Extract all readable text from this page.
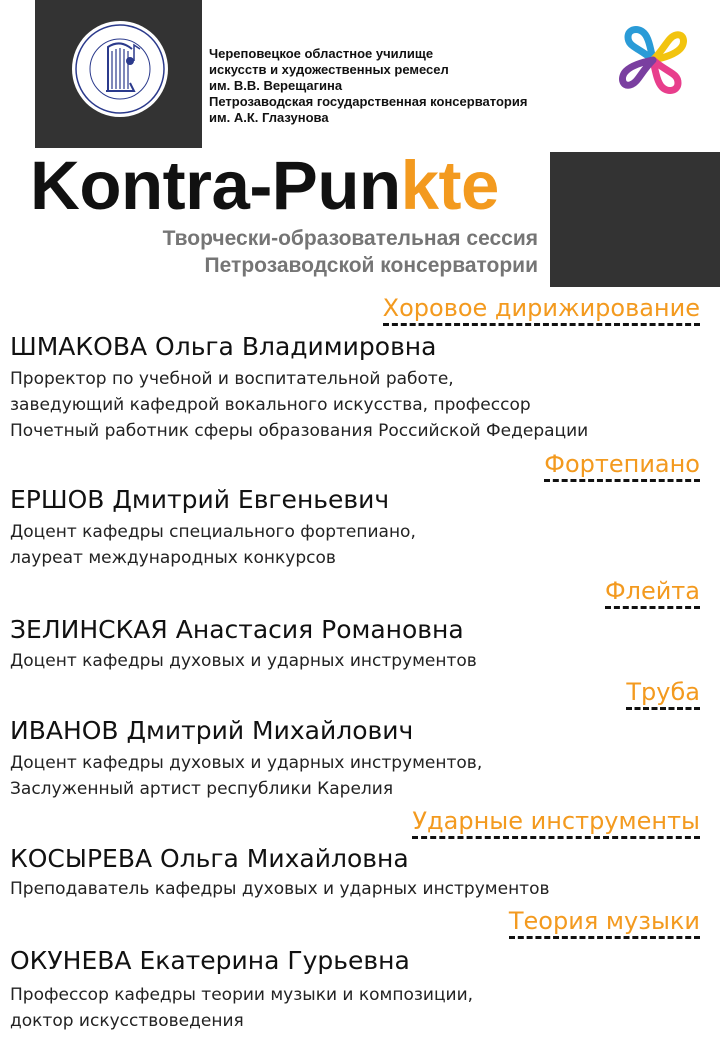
Череповецкое областное училище
искусств и художественных ремесел
им. В.В. Верещагина
Петрозаводская государственная консерватория
им. А.К. Глазунова
Kontra-Punkte
Творчески-образовательная сессия
Петрозаводской консерватории
Хоровое дирижирование
ШМАКОВА Ольга Владимировна
Проректор по учебной и воспитательной работе,
заведующий кафедрой вокального искусства, профессор
Почетный работник сферы образования Российской Федерации
Фортепиано
ЕРШОВ Дмитрий Евгеньевич
Доцент кафедры специального фортепиано,
лауреат международных конкурсов
Флейта
ЗЕЛИНСКАЯ Анастасия Романовна
Доцент кафедры духовых и ударных инструментов
Труба
ИВАНОВ Дмитрий Михайлович
Доцент кафедры духовых и ударных инструментов,
Заслуженный артист республики Карелия
Ударные инструменты
КОСЫРЕВА Ольга Михайловна
Преподаватель кафедры духовых и ударных инструментов
Теория музыки
ОКУНЕВА Екатерина Гурьевна
Профессор кафедры теории музыки и композиции,
доктор искусствоведения
